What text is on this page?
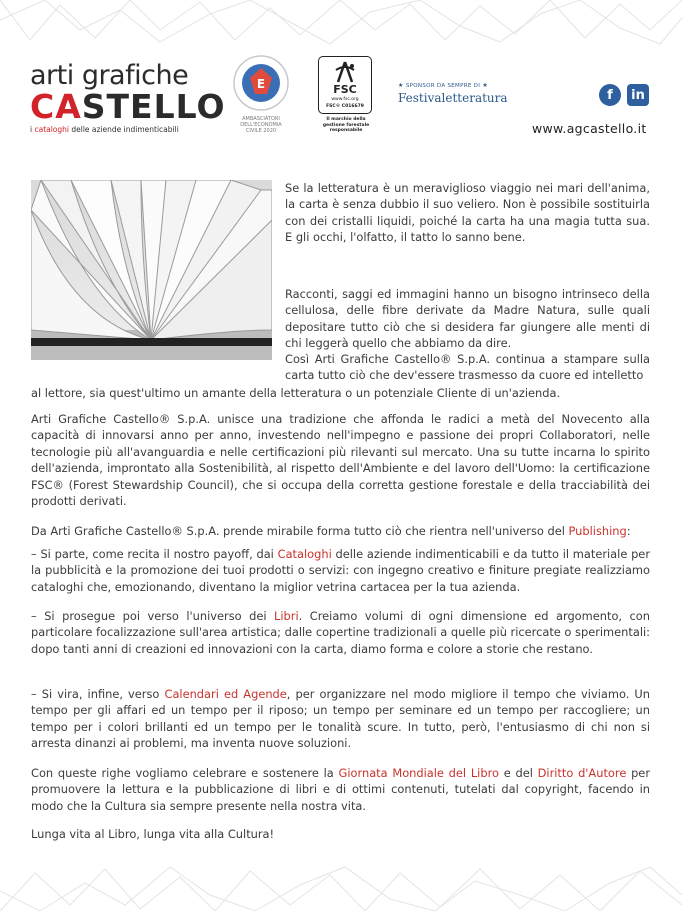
arti grafiche
CASTELLO
i cataloghi delle aziende indimenticabili
E
AMBASCIATORI DELL'ECONOMIA CIVILE 2020
FSC
www.fsc.org
FSC® C016679
Il marchio della gestione forestale responsabile
★ SPONSOR DA SEMPRE DI ★
Festivaletteratura	f	in
www.agcastello.it

Se la letteratura è un meraviglioso viaggio nei mari dell'anima, la carta è senza dubbio il suo veliero. Non è possibile sostituirla con dei cristalli liquidi, poiché la carta ha una magia tutta sua. E gli occhi, l'olfatto, il tatto lo sanno bene.

Racconti, saggi ed immagini hanno un bisogno intrinseco della cellulosa, delle fibre derivate da Madre Natura, sulle quali depositare tutto ciò che si desidera far giungere alle menti di chi leggerà quello che abbiamo da dire.

Così Arti Grafiche Castello® S.p.A. continua a stampare sulla carta tutto ciò che dev'essere trasmesso da cuore ed intelletto

al lettore, sia quest'ultimo un amante della letteratura o un potenziale Cliente di un'azienda.

Arti Grafiche Castello® S.p.A. unisce una tradizione che affonda le radici a metà del Novecento alla capacità di innovarsi anno per anno, investendo nell'impegno e passione dei propri Collaboratori, nelle tecnologie più all'avanguardia e nelle certificazioni più rilevanti sul mercato. Una su tutte incarna lo spirito dell'azienda, improntato alla Sostenibilità, al rispetto dell'Ambiente e del lavoro dell'Uomo: la certificazione FSC® (Forest Stewardship Council), che si occupa della corretta gestione forestale e della tracciabilità dei prodotti derivati.

Da Arti Grafiche Castello® S.p.A. prende mirabile forma tutto ciò che rientra nell'universo del Publishing:

– Si parte, come recita il nostro payoff, dai Cataloghi delle aziende indimenticabili e da tutto il materiale per la pubblicità e la promozione dei tuoi prodotti o servizi: con ingegno creativo e finiture pregiate realizziamo cataloghi che, emozionando, diventano la miglior vetrina cartacea per la tua azienda.

– Si prosegue poi verso l'universo dei Libri. Creiamo volumi di ogni dimensione ed argomento, con particolare focalizzazione sull'area artistica; dalle copertine tradizionali a quelle più ricercate o sperimentali: dopo tanti anni di creazioni ed innovazioni con la carta, diamo forma e colore a storie che restano.

– Si vira, infine, verso Calendari ed Agende, per organizzare nel modo migliore il tempo che viviamo. Un tempo per gli affari ed un tempo per il riposo; un tempo per seminare ed un tempo per raccogliere; un tempo per i colori brillanti ed un tempo per le tonalità scure. In tutto, però, l'entusiasmo di chi non si arresta dinanzi ai problemi, ma inventa nuove soluzioni.

Con queste righe vogliamo celebrare e sostenere la Giornata Mondiale del Libro e del Diritto d'Autore per promuovere la lettura e la pubblicazione di libri e di ottimi contenuti, tutelati dal copyright, facendo in modo che la Cultura sia sempre presente nella nostra vita.

Lunga vita al Libro, lunga vita alla Cultura!
